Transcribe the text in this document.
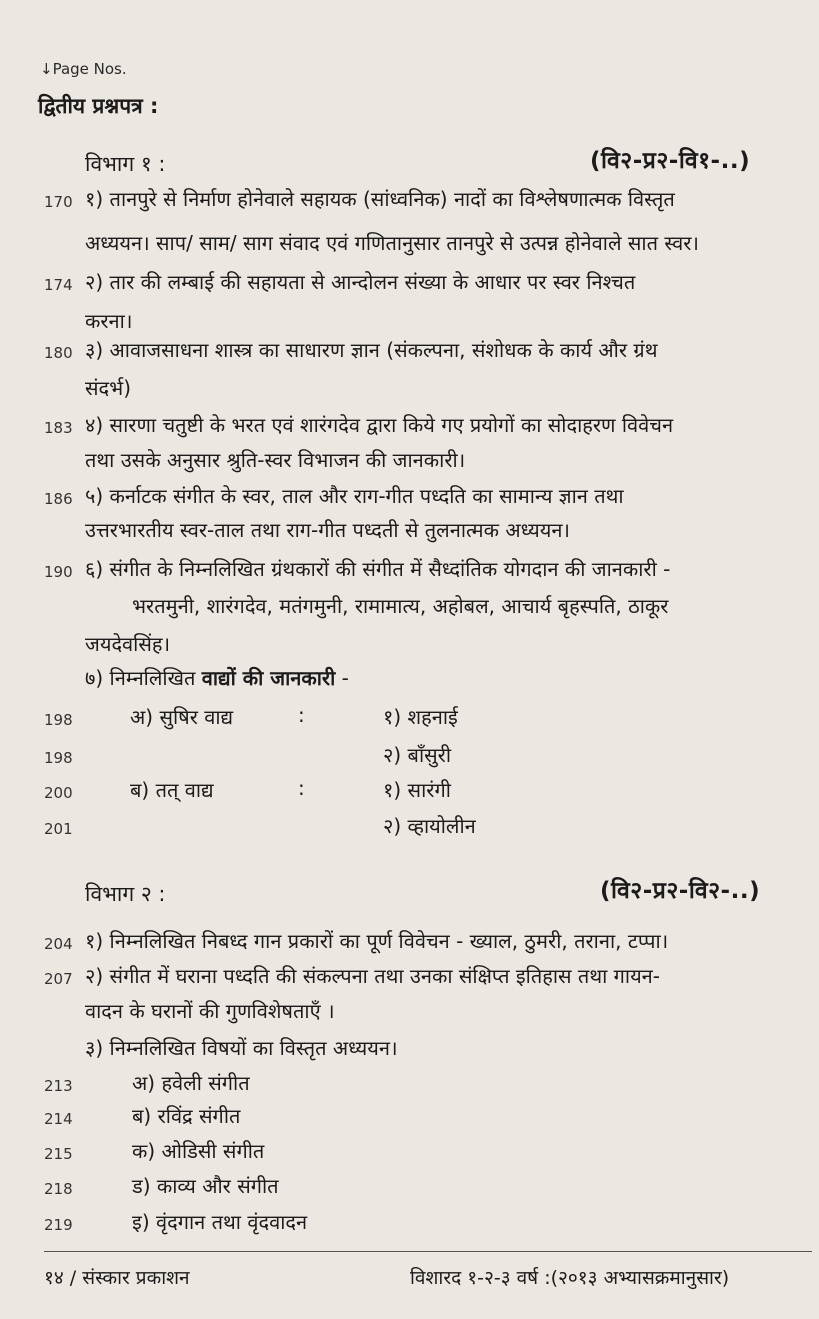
↓Page Nos.
द्वितीय प्रश्नपत्र :
विभाग १ :	(वि२-प्र२-वि१-..)
170 १) तानपुरे से निर्माण होनेवाले सहायक (सांध्वनिक) नादों का विश्लेषणात्मक विस्तृत
अध्ययन। साप/ साम/ साग संवाद एवं गणितानुसार तानपुरे से उत्पन्न होनेवाले सात स्वर।
174 २) तार की लम्बाई की सहायता से आन्दोलन संख्या के आधार पर स्वर निश्चत
करना।
180 ३) आवाजसाधना शास्त्र का साधारण ज्ञान (संकल्पना, संशोधक के कार्य और ग्रंथ
संदर्भ)
183 ४) सारणा चतुष्टी के भरत एवं शारंगदेव द्वारा किये गए प्रयोगों का सोदाहरण विवेचन
तथा उसके अनुसार श्रुति-स्वर विभाजन की जानकारी।
186 ५) कर्नाटक संगीत के स्वर, ताल और राग-गीत पध्दति का सामान्य ज्ञान तथा
उत्तरभारतीय स्वर-ताल तथा राग-गीत पध्दती से तुलनात्मक अध्ययन।
190 ६) संगीत के निम्नलिखित ग्रंथकारों की संगीत में सैध्दांतिक योगदान की जानकारी -
भरतमुनी, शारंगदेव, मतंगमुनी, रामामात्य, अहोबल, आचार्य बृहस्पति, ठाकूर
जयदेवसिंह।
७) निम्नलिखित वाद्यों की जानकारी -
198	अ) सुषिर वाद्य	:	१) शहनाई
198	२) बाँसुरी
200	ब) तत् वाद्य	:	१) सारंगी
201	२) व्हायोलीन
विभाग २ :	(वि२-प्र२-वि२-..)
204 १) निम्नलिखित निबध्द गान प्रकारों का पूर्ण विवेचन - ख्याल, ठुमरी, तराना, टप्पा।
207 २) संगीत में घराना पध्दति की संकल्पना तथा उनका संक्षिप्त इतिहास तथा गायन-
वादन के घरानों की गुणविशेषताएँ ।
३) निम्नलिखित विषयों का विस्तृत अध्ययन।
213	अ) हवेली संगीत
214	ब) रविंद्र संगीत
215	क) ओडिसी संगीत
218	ड) काव्य और संगीत
219	इ) वृंदगान तथा वृंदवादन
१४ / संस्कार प्रकाशन	विशारद १-२-३ वर्ष :(२०१३ अभ्यासक्रमानुसार)
